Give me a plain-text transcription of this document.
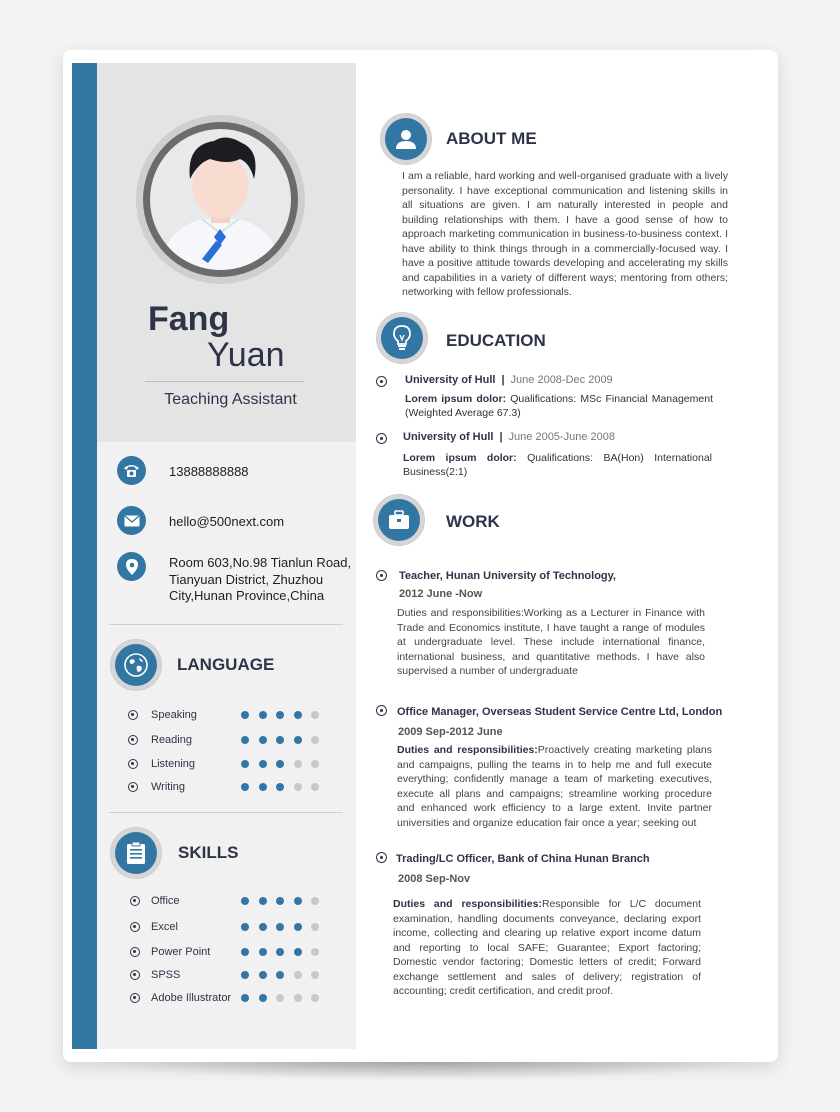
Fang
Yuan
Teaching Assistant
13888888888
hello@500next.com
Room 603,No.98 Tianlun Road,
Tianyuan District, Zhuzhou
City,Hunan Province,China
LANGUAGE
Speaking
Reading
Listening
Writing
SKILLS
Office
Excel
Power Point
SPSS
Adobe Illustrator
ABOUT ME
I am a reliable, hard working and well-organised graduate with a lively personality. I have exceptional communication and listening skills in all situations are given. I am naturally interested in people and building relationships with them. I have a good sense of how to approach marketing communication in business-to-business context. I have ability to think things through in a commercially-focused way. I have a positive attitude towards developing and accelerating my skills and capabilities in a variety of different ways; mentoring from others; networking with fellow professionals.
EDUCATION
University of Hull | June 2008-Dec 2009
Lorem ipsum dolor: Qualifications: MSc Financial Management (Weighted Average 67.3)
University of Hull | June 2005-June 2008
Lorem ipsum dolor: Qualifications: BA(Hon) International Business(2:1)
WORK
Teacher, Hunan University of Technology,
2012 June -Now
Duties and responsibilities:Working as a Lecturer in Finance with Trade and Economics institute, I have taught a range of modules at undergraduate level. These include international finance, international business, and quantitative methods. I have also supervised a number of undergraduate
Office Manager, Overseas Student Service Centre Ltd, London
2009 Sep-2012 June
Duties and responsibilities:Proactively creating marketing plans and campaigns, pulling the teams in to help me and full execute everything; confidently manage a team of marketing executives, execute all plans and campaigns; streamline working procedure and enhanced work efficiency to a large extent. Invite partner universities and organize education fair once a year; seeking out
Trading/LC Officer, Bank of China Hunan Branch
2008 Sep-Nov
Duties and responsibilities:Responsible for L/C document examination, handling documents conveyance, declaring export income, collecting and clearing up relative export income datum and reporting to local SAFE; Guarantee; Export factoring; Domestic vendor factoring; Domestic letters of credit; Forward exchange settlement and sales of delivery; registration of accounting; credit certification, and credit proof.
